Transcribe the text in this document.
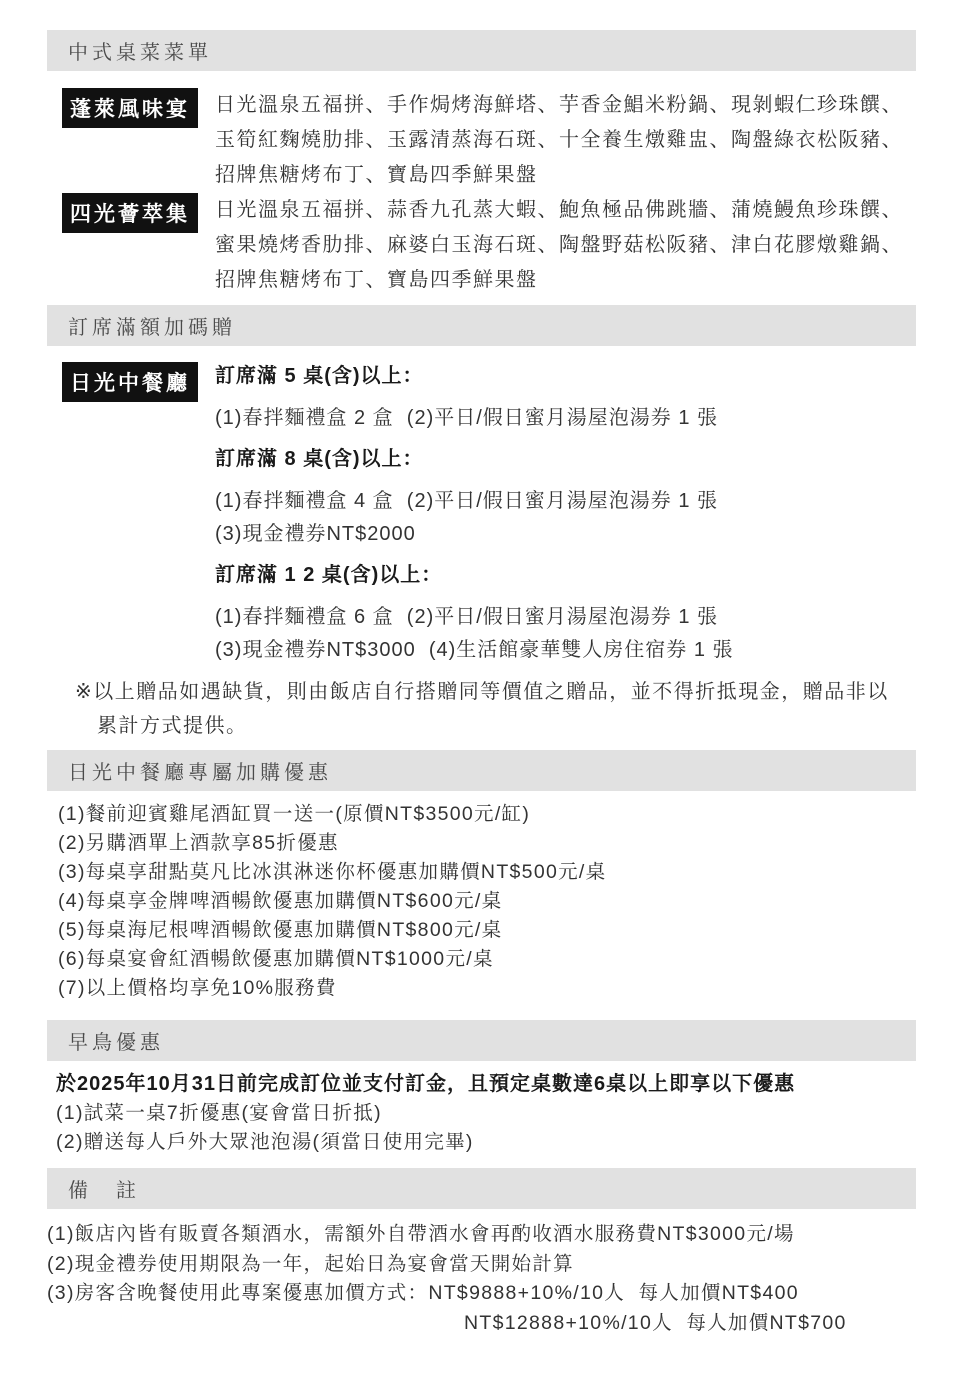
中式桌菜菜單
蓬萊風味宴	日光溫泉五福拼、手作焗烤海鮮塔、芋香金鯧米粉鍋、現剝蝦仁珍珠饌、
玉筍紅麴燒肋排、玉露清蒸海石斑、十全養生燉雞盅、陶盤綠衣松阪豬、
招牌焦糖烤布丁、寶島四季鮮果盤
四光薈萃集	日光溫泉五福拼、蒜香九孔蒸大蝦、鮑魚極品佛跳牆、蒲燒鰻魚珍珠饌、
蜜果燒烤香肋排、麻婆白玉海石斑、陶盤野菇松阪豬、津白花膠燉雞鍋、
招牌焦糖烤布丁、寶島四季鮮果盤
訂席滿額加碼贈
日光中餐廳	訂席滿 5 桌(含)以上：
(1)春拌麵禮盒 2 盒  (2)平日/假日蜜月湯屋泡湯券 1 張
訂席滿 8 桌(含)以上：
(1)春拌麵禮盒 4 盒  (2)平日/假日蜜月湯屋泡湯券 1 張
(3)現金禮券NT$2000
訂席滿 1 2 桌(含)以上：
(1)春拌麵禮盒 6 盒  (2)平日/假日蜜月湯屋泡湯券 1 張
(3)現金禮券NT$3000  (4)生活館豪華雙人房住宿券 1 張
※以上贈品如遇缺貨，則由飯店自行搭贈同等價值之贈品，並不得折抵現金，贈品非以
累計方式提供。
日光中餐廳專屬加購優惠
(1)餐前迎賓雞尾酒缸買一送一(原價NT$3500元/缸)
(2)另購酒單上酒款享85折優惠
(3)每桌享甜點莫凡比冰淇淋迷你杯優惠加購價NT$500元/桌
(4)每桌享金牌啤酒暢飲優惠加購價NT$600元/桌
(5)每桌海尼根啤酒暢飲優惠加購價NT$800元/桌
(6)每桌宴會紅酒暢飲優惠加購價NT$1000元/桌
(7)以上價格均享免10%服務費
早鳥優惠
於2025年10月31日前完成訂位並支付訂金，且預定桌數達6桌以上即享以下優惠
(1)試菜一桌7折優惠(宴會當日折抵)
(2)贈送每人戶外大眾池泡湯(須當日使用完畢)
備　註
(1)飯店內皆有販賣各類酒水，需額外自帶酒水會再酌收酒水服務費NT$3000元/場
(2)現金禮券使用期限為一年，起始日為宴會當天開始計算
(3)房客含晚餐使用此專案優惠加價方式：NT$9888+10%/10人  每人加價NT$400
NT$12888+10%/10人  每人加價NT$700
